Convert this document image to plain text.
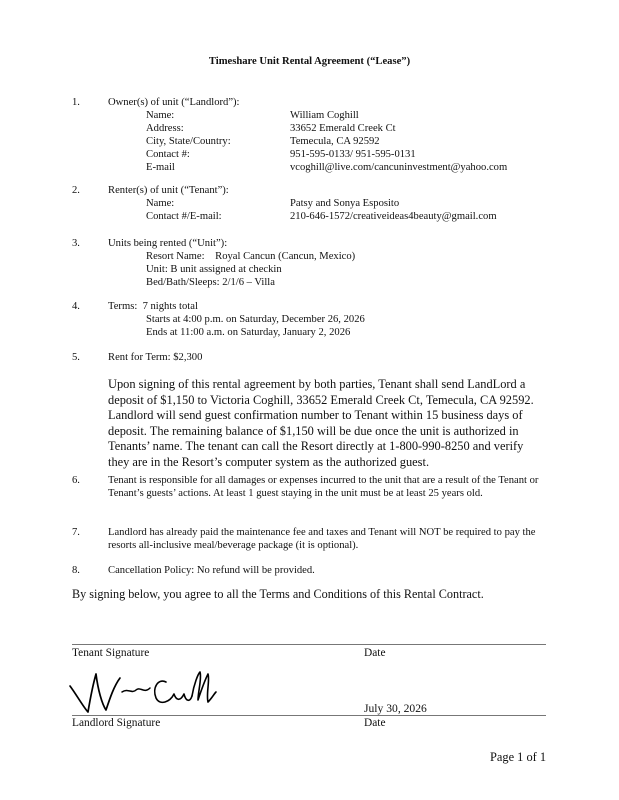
Timeshare Unit Rental Agreement (“Lease”)
1.	Owner(s) of unit (“Landlord”):
Name:	William Coghill
Address:	33652 Emerald Creek Ct
City, State/Country:	Temecula, CA 92592
Contact #:	951-595-0133/ 951-595-0131
E-mail	vcoghill@live.com/cancuninvestment@yahoo.com
2.	Renter(s) of unit (“Tenant”):
Name:	Patsy and Sonya Esposito
Contact #/E-mail:	210-646-1572/creativeideas4beauty@gmail.com
3.	Units being rented (“Unit”):
Resort Name:    Royal Cancun (Cancun, Mexico)
Unit: B unit assigned at checkin
Bed/Bath/Sleeps: 2/1/6 – Villa
4.	Terms:  7 nights total
Starts at 4:00 p.m. on Saturday, December 26, 2026
Ends at 11:00 a.m. on Saturday, January 2, 2026
5.	Rent for Term: $2,300
Upon signing of this rental agreement by both parties, Tenant shall send LandLord a deposit of $1,150 to Victoria Coghill, 33652 Emerald Creek Ct, Temecula, CA 92592. Landlord will send guest confirmation number to Tenant within 15 business days of deposit. The remaining balance of $1,150 will be due once the unit is authorized in Tenants’ name. The tenant can call the Resort directly at 1-800-990-8250 and verify they are in the Resort’s computer system as the authorized guest.
6.	Tenant is responsible for all damages or expenses incurred to the unit that are a result of the Tenant or Tenant’s guests’ actions. At least 1 guest staying in the unit must be at least 25 years old.
7.	Landlord has already paid the maintenance fee and taxes and Tenant will NOT be required to pay the resorts all-inclusive meal/beverage package (it is optional).
8.	Cancellation Policy: No refund will be provided.
By signing below, you agree to all the Terms and Conditions of this Rental Contract.
Tenant Signature	Date
July 30, 2026
Landlord Signature	Date
Page 1 of 1
